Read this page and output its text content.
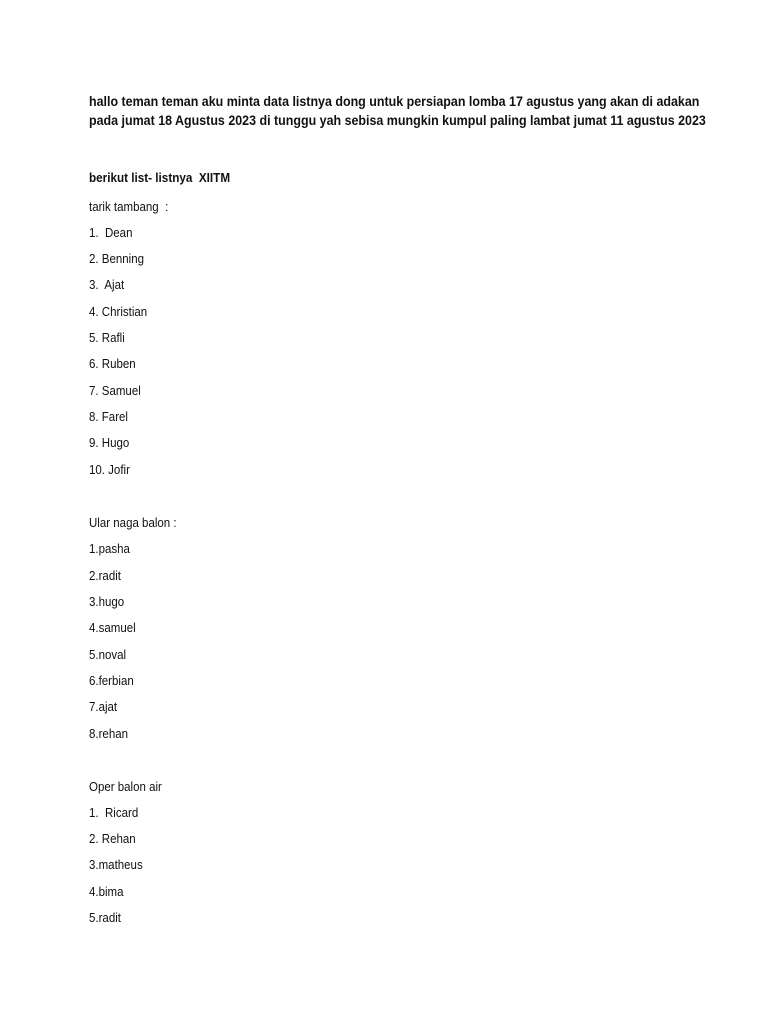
hallo teman teman aku minta data listnya dong untuk persiapan lomba 17 agustus yang akan di adakan
pada jumat 18 Agustus 2023 di tunggu yah sebisa mungkin kumpul paling lambat jumat 11 agustus 2023
berikut list- listnya  XIITM
tarik tambang  :
1.  Dean
2. Benning
3.  Ajat
4. Christian
5. Rafli
6. Ruben
7. Samuel
8. Farel
9. Hugo
10. Jofir
Ular naga balon :
1.pasha
2.radit
3.hugo
4.samuel
5.noval
6.ferbian
7.ajat
8.rehan
Oper balon air
1.  Ricard
2. Rehan
3.matheus
4.bima
5.radit
